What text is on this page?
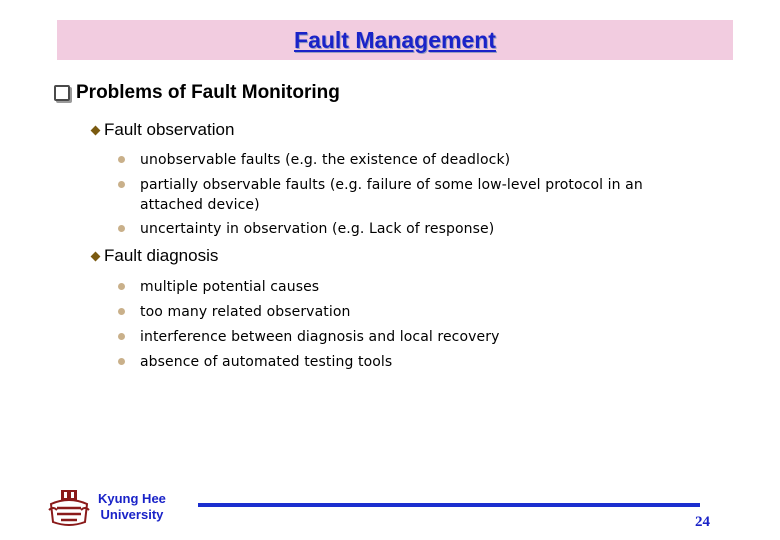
Fault Management
Problems of Fault Monitoring
Fault observation
unobservable faults (e.g. the existence of deadlock)
partially observable faults (e.g. failure of some low-level protocol in an attached device)
uncertainty in observation (e.g. Lack of response)
Fault diagnosis
multiple potential causes
too many related observation
interference between diagnosis and local recovery
absence of automated testing tools
Kyung Hee
University	24
